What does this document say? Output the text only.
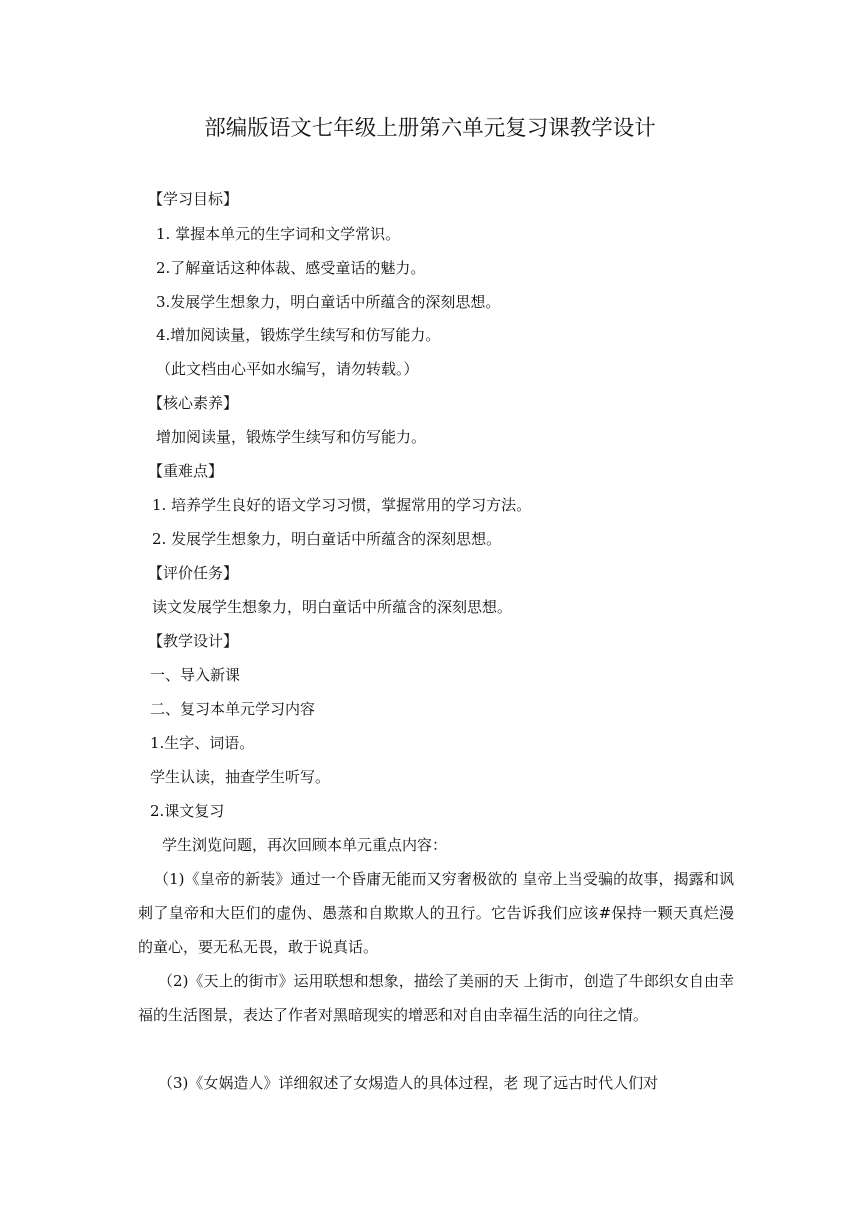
部编版语文七年级上册第六单元复习课教学设计
【学习目标】
1. 掌握本单元的生字词和文学常识。
2.了解童话这种体裁、感受童话的魅力。
3.发展学生想象力，明白童话中所蕴含的深刻思想。
4.增加阅读量，锻炼学生续写和仿写能力。
（此文档由心平如水编写，请勿转载。）
【核心素养】
增加阅读量，锻炼学生续写和仿写能力。
【重难点】
1. 培养学生良好的语文学习习惯，掌握常用的学习方法。
2. 发展学生想象力，明白童话中所蕴含的深刻思想。
【评价任务】
读文发展学生想象力，明白童话中所蕴含的深刻思想。
【教学设计】
一、导入新课
二、复习本单元学习内容
1.生字、词语。
学生认读，抽查学生听写。
2.课文复习
学生浏览问题，再次回顾本单元重点内容：
（1)《皇帝的新装》通过一个昏庸无能而又穷奢极欲的 皇帝上当受骗的故事，揭露和讽刺了皇帝和大臣们的虚伪、愚蒸和自欺欺人的丑行。它告诉我们应该#保持一颗天真烂漫的童心，要无私无畏，敢于说真话。
（2)《天上的街市》运用联想和想象，描绘了美丽的天 上街市，创造了牛郎织女自由幸福的生活图景，表达了作者对黑暗现实的增恶和对自由幸福生活的向往之情。
（3)《女娲造人》详细叙述了女焬造人的具体过程，老 现了远古时代人们对
